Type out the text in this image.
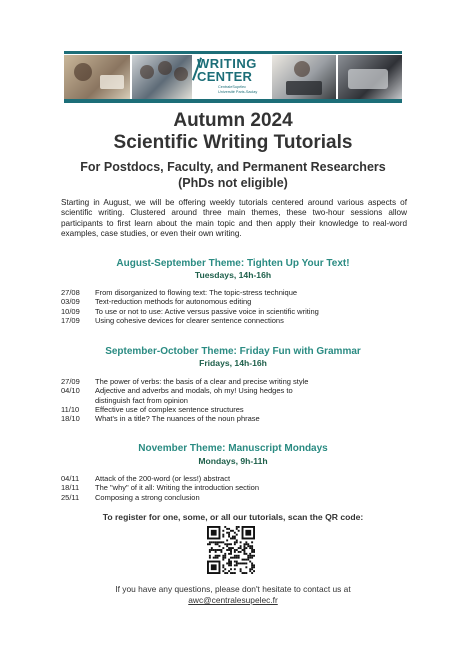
WRITING
CENTER
CentraleSupélec
Université Paris-Saclay
Autumn 2024
Scientific Writing Tutorials
For Postdocs, Faculty, and Permanent Researchers
(PhDs not eligible)
Starting in August, we will be offering weekly tutorials centered around various aspects of scientific writing. Clustered around three main themes, these two-hour sessions allow participants to first learn about the main topic and then apply their knowledge to real-word examples, case studies, or even their own writing.
August-September Theme: Tighten Up Your Text!
Tuesdays, 14h-16h
27/08	From disorganized to flowing text: The topic-stress technique
03/09	Text-reduction methods for autonomous editing
10/09	To use or not to use: Active versus passive voice in scientific writing
17/09	Using cohesive devices for clearer sentence connections
September-October Theme: Friday Fun with Grammar
Fridays, 14h-16h
27/09	The power of verbs: the basis of a clear and precise writing style
04/10	Adjective and adverbs and modals, oh my! Using hedges to distinguish fact from opinion
11/10	Effective use of complex sentence structures
18/10	What's in a title? The nuances of the noun phrase
November Theme: Manuscript Mondays
Mondays, 9h-11h
04/11	Attack of the 200-word (or less!) abstract
18/11	The "why" of it all: Writing the introduction section
25/11	Composing a strong conclusion
To register for one, some, or all our tutorials, scan the QR code:
If you have any questions, please don't hesitate to contact us at
awc@centralesupelec.fr
